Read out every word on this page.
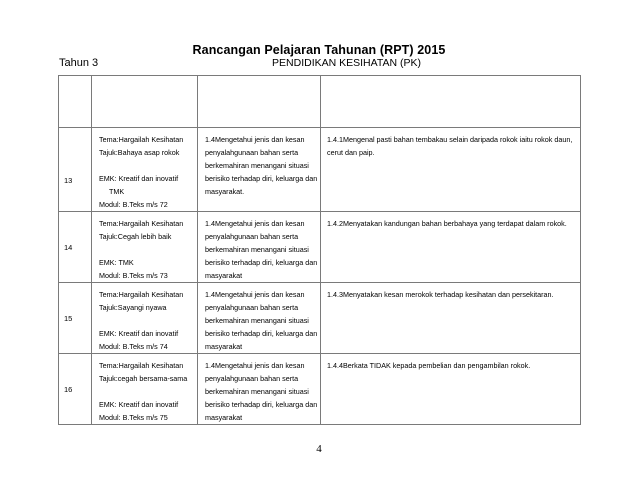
Rancangan Pelajaran Tahunan (RPT) 2015
Tahun 3	PENDIDIKAN KESIHATAN (PK)

13	Tema:Hargailah Kesihatan
Tajuk:Bahaya asap rokok

EMK: Kreatif dan inovatif
TMK
Modul: B.Teks m/s 72	1.4Mengetahui jenis dan kesan
penyalahgunaan bahan serta
berkemahiran menangani situasi
berisiko terhadap diri, keluarga dan
masyarakat.	1.4.1Mengenal pasti bahan tembakau selain daripada rokok iaitu rokok daun,
cerut dan paip.

14	Tema:Hargailah Kesihatan
Tajuk:Cegah lebih baik

EMK: TMK
Modul: B.Teks m/s 73	1.4Mengetahui jenis dan kesan
penyalahgunaan bahan serta
berkemahiran menangani situasi
berisiko terhadap diri, keluarga dan
masyarakat	1.4.2Menyatakan kandungan bahan berbahaya yang terdapat dalam rokok.

15	Tema:Hargailah Kesihatan
Tajuk:Sayangi nyawa

EMK: Kreatif dan inovatif
Modul: B.Teks m/s 74	1.4Mengetahui jenis dan kesan
penyalahgunaan bahan serta
berkemahiran menangani situasi
berisiko terhadap diri, keluarga dan
masyarakat	1.4.3Menyatakan kesan merokok terhadap kesihatan dan persekitaran.

16	Tema:Hargailah Kesihatan
Tajuk:cegah bersama-sama

EMK: Kreatif dan inovatif
Modul: B.Teks m/s 75	1.4Mengetahui jenis dan kesan
penyalahgunaan bahan serta
berkemahiran menangani situasi
berisiko terhadap diri, keluarga dan
masyarakat	1.4.4Berkata TIDAK kepada pembelian dan pengambilan rokok.
4
